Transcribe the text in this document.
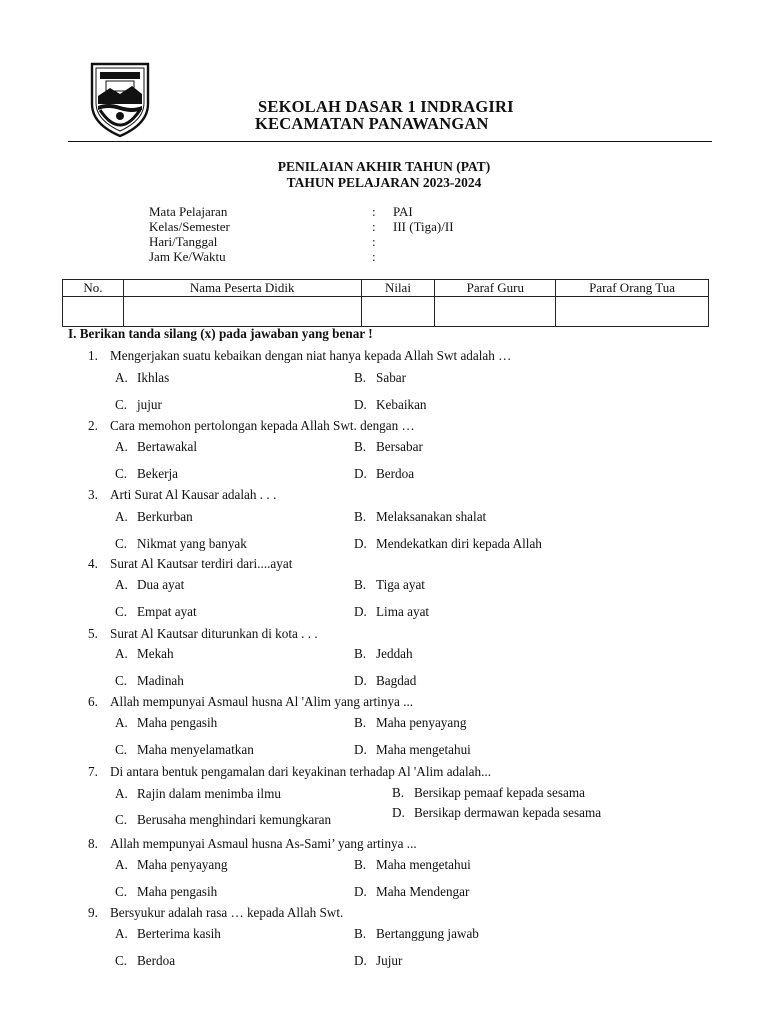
SEKOLAH DASAR 1 INDRAGIRI
KECAMATAN PANAWANGAN
PENILAIAN AKHIR TAHUN (PAT)
TAHUN PELAJARAN 2023-2024
Mata Pelajaran	: PAI
Kelas/Semester	: III (Tiga)/II
Hari/Tanggal	:
Jam Ke/Waktu	:
No.	Nama Peserta Didik	Nilai	Paraf Guru	Paraf Orang Tua

I. Berikan tanda silang (x) pada jawaban yang benar !
1. Mengerjakan suatu kebaikan dengan niat hanya kepada Allah Swt adalah …
A. Ikhlas	B. Sabar
C. jujur	D. Kebaikan
2. Cara memohon pertolongan kepada Allah Swt. dengan …
A. Bertawakal	B. Bersabar
C. Bekerja	D. Berdoa
3. Arti Surat Al Kausar adalah . . .
A. Berkurban	B. Melaksanakan shalat
C. Nikmat yang banyak	D. Mendekatkan diri kepada Allah
4. Surat Al Kautsar terdiri dari....ayat
A. Dua ayat	B. Tiga ayat
C. Empat ayat	D. Lima ayat
5. Surat Al Kautsar diturunkan di kota . . .
A. Mekah	B. Jeddah
C. Madinah	D. Bagdad
6. Allah mempunyai Asmaul husna Al 'Alim yang artinya ...
A. Maha pengasih	B. Maha penyayang
C. Maha menyelamatkan	D. Maha mengetahui
7. Di antara bentuk pengamalan dari keyakinan terhadap Al 'Alim adalah...
A. Rajin dalam menimba ilmu	B. Bersikap pemaaf kepada sesama
C. Berusaha menghindari kemungkaran	D. Bersikap dermawan kepada sesama
8. Allah mempunyai Asmaul husna As-Sami’ yang artinya ...
A. Maha penyayang	B. Maha mengetahui
C. Maha pengasih	D. Maha Mendengar
9. Bersyukur adalah rasa … kepada Allah Swt.
A. Berterima kasih	B. Bertanggung jawab
C. Berdoa	D. Jujur
